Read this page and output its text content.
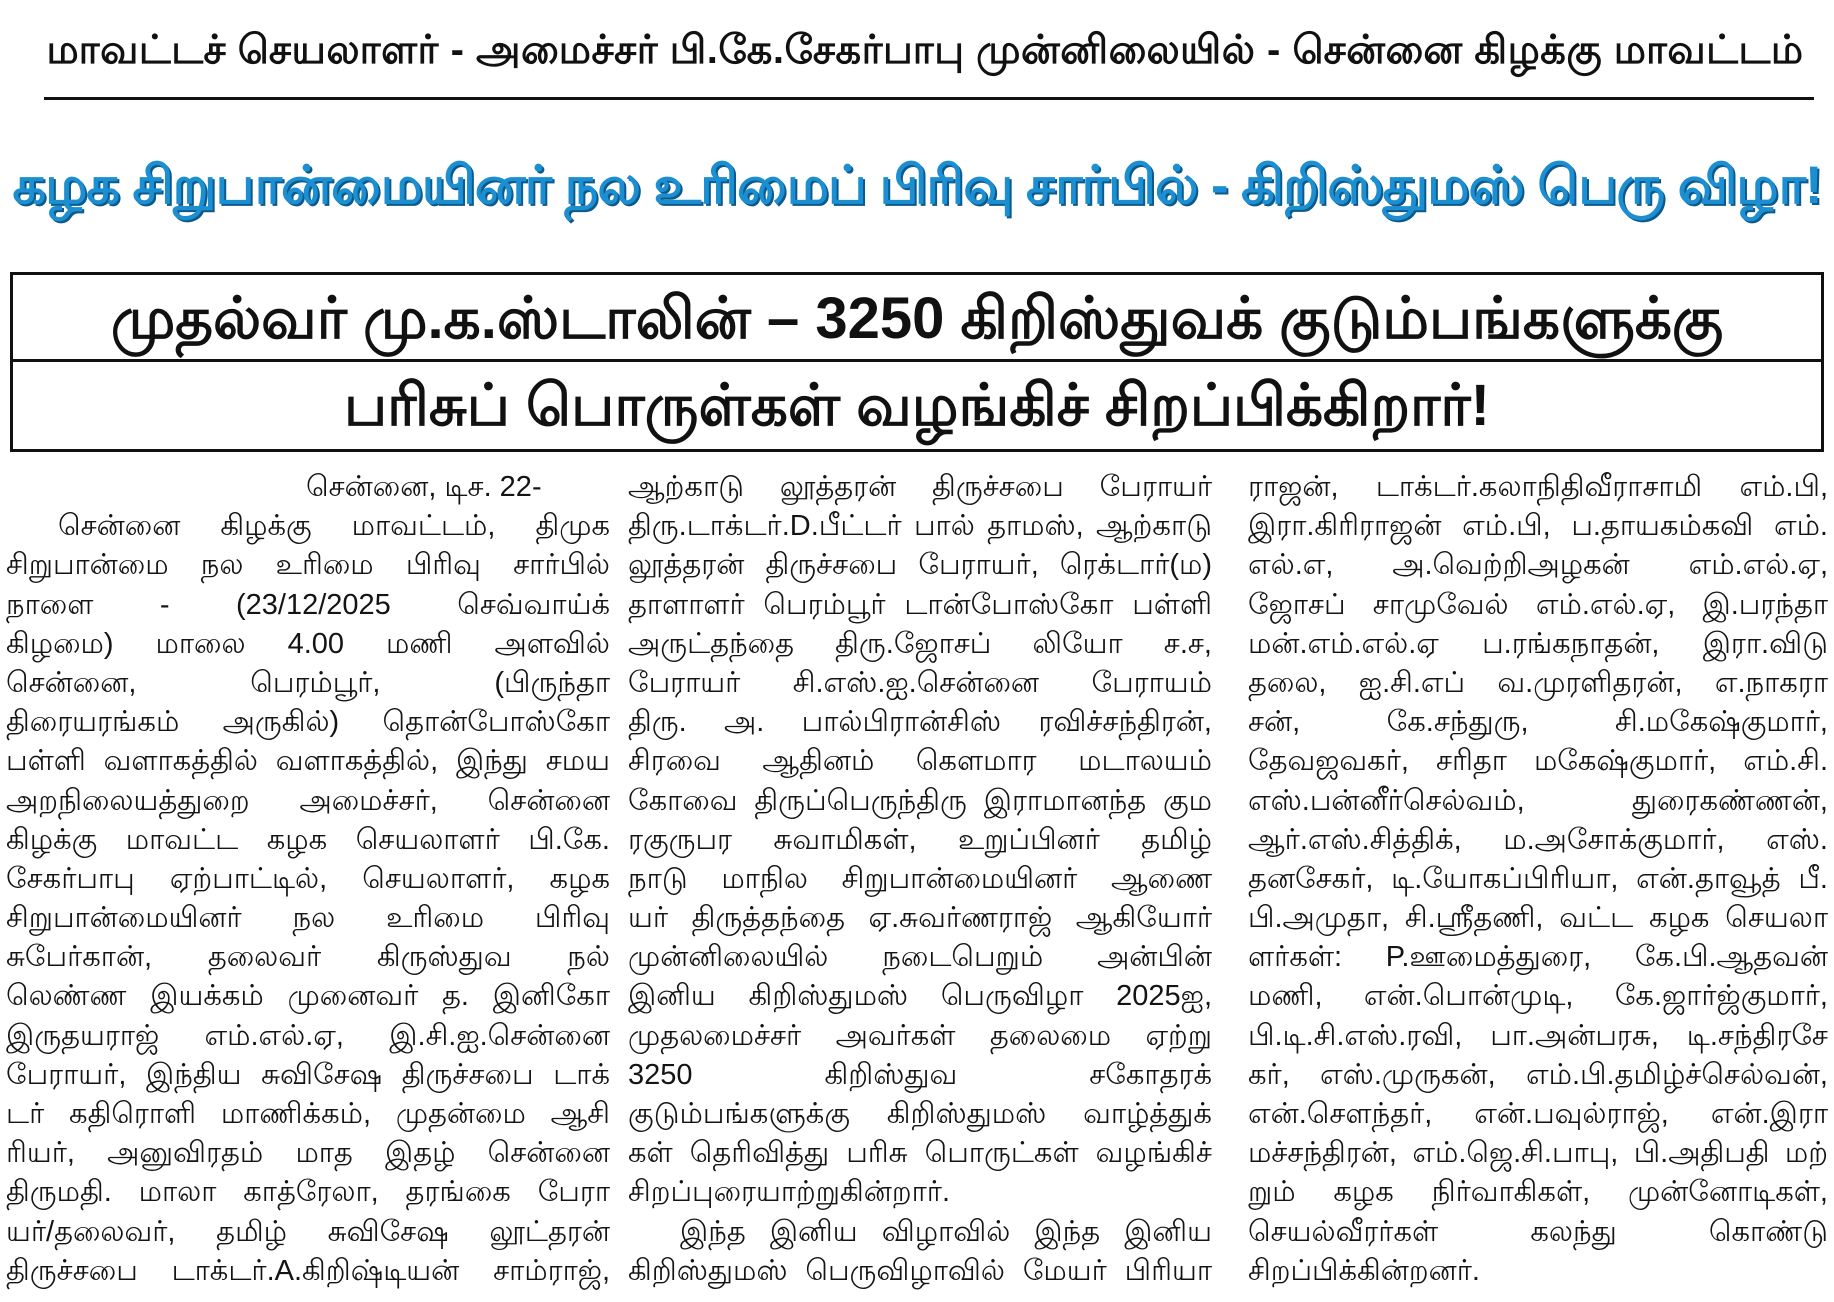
மாவட்டச் செயலாளர் - அமைச்சர் பி.கே.சேகர்பாபு முன்னிலையில் - சென்னை கிழக்கு மாவட்டம்
கழக சிறுபான்மையினர் நல உரிமைப் பிரிவு சார்பில் - கிறிஸ்துமஸ் பெரு விழா!
முதல்வர் மு.க.ஸ்டாலின் – 3250 கிறிஸ்துவக் குடும்பங்களுக்கு
பரிசுப் பொருள்கள் வழங்கிச் சிறப்பிக்கிறார்!
சென்னை, டிச. 22-
சென்னை கிழக்கு மாவட்டம், திமுக
சிறுபான்மை நல உரிமை பிரிவு சார்பில்
நாளை - (23/12/2025 செவ்வாய்க்
கிழமை) மாலை 4.00 மணி அளவில்
சென்னை, பெரம்பூர், (பிருந்தா
திரையரங்கம் அருகில்) தொன்போஸ்கோ
பள்ளி வளாகத்தில் வளாகத்தில், இந்து சமய
அறநிலையத்துறை அமைச்சர், சென்னை
கிழக்கு மாவட்ட கழக செயலாளர் பி.கே.
சேகர்பாபு ஏற்பாட்டில், செயலாளர், கழக
சிறுபான்மையினர் நல உரிமை பிரிவு
சுபேர்கான், தலைவர் கிருஸ்துவ நல்
லெண்ண இயக்கம் முனைவர் த. இனிகோ
இருதயராஜ் எம்.எல்.ஏ, இ.சி.ஐ.சென்னை
பேராயர், இந்திய சுவிசேஷ திருச்சபை டாக்
டர் கதிரொளி மாணிக்கம், முதன்மை ஆசி
ரியர், அனுவிரதம் மாத இதழ் சென்னை
திருமதி. மாலா காத்ரேலா, தரங்கை பேரா
யர்/தலைவர், தமிழ் சுவிசேஷ லூட்தரன்
திருச்சபை டாக்டர்.A.கிறிஷ்டியன் சாம்ராஜ்,
ஆற்காடு லூத்தரன் திருச்சபை பேராயர்
திரு.டாக்டர்.D.பீட்டர் பால் தாமஸ், ஆற்காடு
லூத்தரன் திருச்சபை பேராயர், ரெக்டார்(ம)
தாளாளர் பெரம்பூர் டான்போஸ்கோ பள்ளி
அருட்தந்தை திரு.ஜோசப் லியோ ச.ச,
பேராயர் சி.எஸ்.ஐ.சென்னை பேராயம்
திரு. அ. பால்பிரான்சிஸ் ரவிச்சந்திரன்,
சிரவை ஆதினம் கௌமார மடாலயம்
கோவை திருப்பெருந்திரு இராமானந்த கும
ரகுருபர சுவாமிகள், உறுப்பினர் தமிழ்
நாடு மாநில சிறுபான்மையினர் ஆணை
யர் திருத்தந்தை ஏ.சுவர்ணராஜ் ஆகியோர்
முன்னிலையில் நடைபெறும் அன்பின்
இனிய கிறிஸ்துமஸ் பெருவிழா 2025ஐ,
முதலமைச்சர் அவர்கள் தலைமை ஏற்று
3250 கிறிஸ்துவ சகோதரக்
குடும்பங்களுக்கு கிறிஸ்துமஸ் வாழ்த்துக்
கள் தெரிவித்து பரிசு பொருட்கள் வழங்கிச்
சிறப்புரையாற்றுகின்றார்.
இந்த இனிய விழாவில் இந்த இனிய
கிறிஸ்துமஸ் பெருவிழாவில் மேயர் பிரியா
ராஜன், டாக்டர்.கலாநிதிவீராசாமி எம்.பி,
இரா.கிரிராஜன் எம்.பி, ப.தாயகம்கவி எம்.
எல்.எ, அ.வெற்றிஅழகன் எம்.எல்.ஏ,
ஜோசப் சாமுவேல் எம்.எல்.ஏ, இ.பரந்தா
மன்.எம்.எல்.ஏ ப.ரங்கநாதன், இரா.விடு
தலை, ஐ.சி.எப் வ.முரளிதரன், எ.நாகரா
சன், கே.சந்துரு, சி.மகேஷ்குமார்,
தேவஜவகர், சரிதா மகேஷ்குமார், எம்.சி.
எஸ்.பன்னீர்செல்வம், துரைகண்ணன்,
ஆர்.எஸ்.சித்திக், ம.அசோக்குமார், எஸ்.
தனசேகர், டி.யோகப்பிரியா, என்.தாவூத் பீ.
பி.அமுதா, சி.ஸ்ரீதணி, வட்ட கழக செயலா
ளர்கள்: P.ஊமைத்துரை, கே.பி.ஆதவன்
மணி, என்.பொன்முடி, கே.ஜார்ஜ்குமார்,
பி.டி.சி.எஸ்.ரவி, பா.அன்பரசு, டி.சந்திரசே
கர், எஸ்.முருகன், எம்.பி.தமிழ்ச்செல்வன்,
என்.சௌந்தர், என்.பவுல்ராஜ், என்.இரா
மச்சந்திரன், எம்.ஜெ.சி.பாபு, பி.அதிபதி மற்
றும் கழக நிர்வாகிகள், முன்னோடிகள்,
செயல்வீரர்கள் கலந்து கொண்டு
சிறப்பிக்கின்றனர்.
